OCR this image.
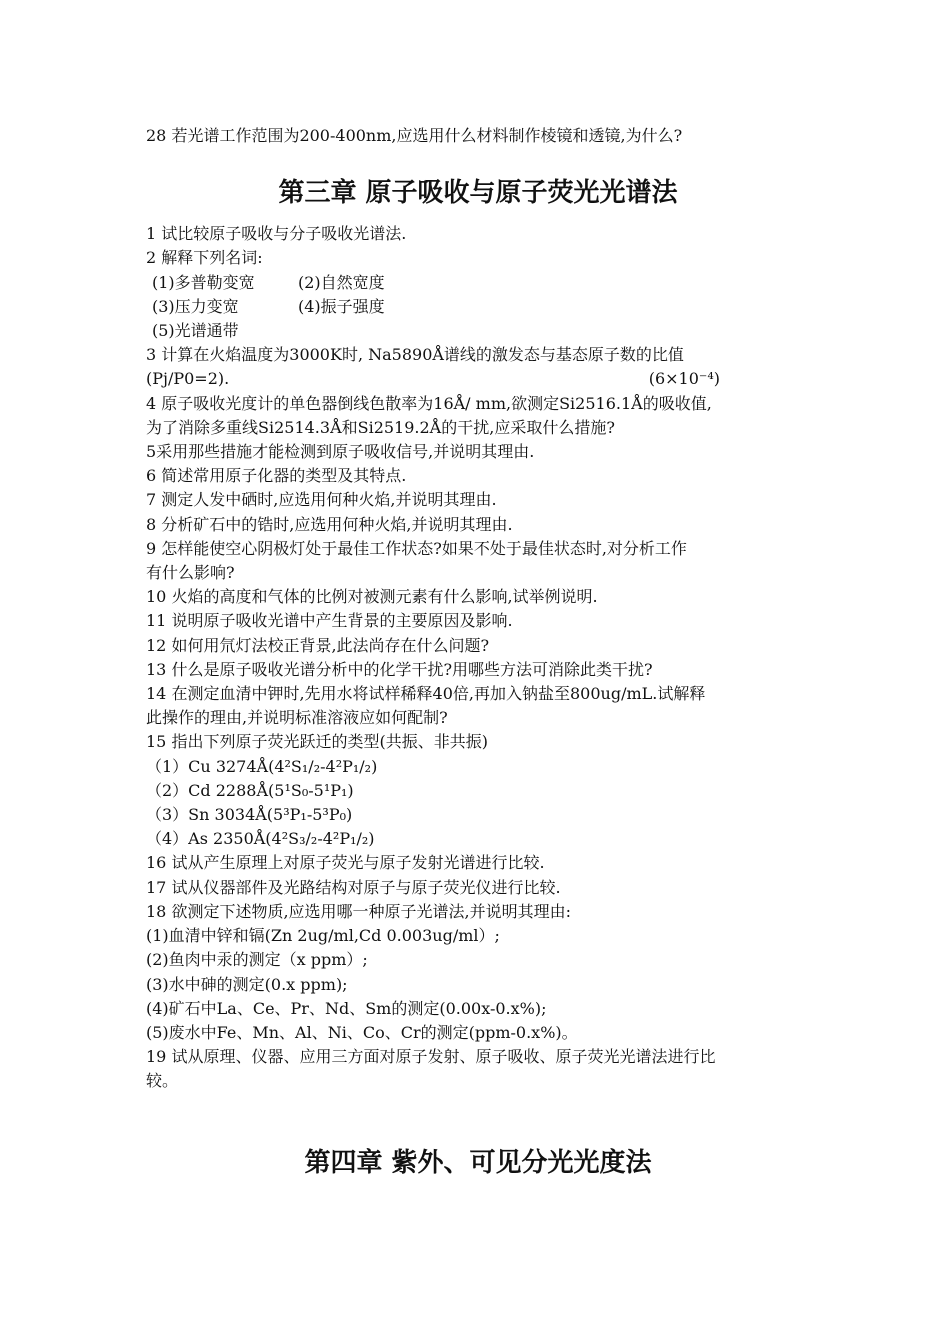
28 若光谱工作范围为200-400nm,应选用什么材料制作棱镜和透镜,为什么?
第三章 原子吸收与原子荧光光谱法
1 试比较原子吸收与分子吸收光谱法.
2 解释下列名词:
(1)多普勒变宽	(2)自然宽度
(3)压力变宽	(4)振子强度
(5)光谱通带
3 计算在火焰温度为3000K时, Na5890Å谱线的激发态与基态原子数的比值
(Pj/P0=2).	(6×10⁻⁴)
4 原子吸收光度计的单色器倒线色散率为16Å/ mm,欲测定Si2516.1Å的吸收值,
为了消除多重线Si2514.3Å和Si2519.2Å的干扰,应采取什么措施?
5采用那些措施才能检测到原子吸收信号,并说明其理由.
6 简述常用原子化器的类型及其特点.
7 测定人发中硒时,应选用何种火焰,并说明其理由.
8 分析矿石中的锆时,应选用何种火焰,并说明其理由.
9 怎样能使空心阴极灯处于最佳工作状态?如果不处于最佳状态时,对分析工作
有什么影响?
10 火焰的高度和气体的比例对被测元素有什么影响,试举例说明.
11 说明原子吸收光谱中产生背景的主要原因及影响.
12 如何用氘灯法校正背景,此法尚存在什么问题?
13 什么是原子吸收光谱分析中的化学干扰?用哪些方法可消除此类干扰?
14 在测定血清中钾时,先用水将试样稀释40倍,再加入钠盐至800ug/mL.试解释
此操作的理由,并说明标准溶液应如何配制?
15 指出下列原子荧光跃迁的类型(共振、非共振)
（1）Cu 3274Å(4²S₁/₂-4²P₁/₂)
（2）Cd 2288Å(5¹S₀-5¹P₁)
（3）Sn 3034Å(5³P₁-5³P₀)
（4）As 2350Å(4²S₃/₂-4²P₁/₂)
16 试从产生原理上对原子荧光与原子发射光谱进行比较.
17 试从仪器部件及光路结构对原子与原子荧光仪进行比较.
18 欲测定下述物质,应选用哪一种原子光谱法,并说明其理由:
(1)血清中锌和镉(Zn 2ug/ml,Cd 0.003ug/ml）;
(2)鱼肉中汞的测定（x ppm）;
(3)水中砷的测定(0.x ppm);
(4)矿石中La、Ce、Pr、Nd、Sm的测定(0.00x-0.x%);
(5)废水中Fe、Mn、Al、Ni、Co、Cr的测定(ppm-0.x%)。
19 试从原理、仪器、应用三方面对原子发射、原子吸收、原子荧光光谱法进行比
较。
第四章 紫外、可见分光光度法
